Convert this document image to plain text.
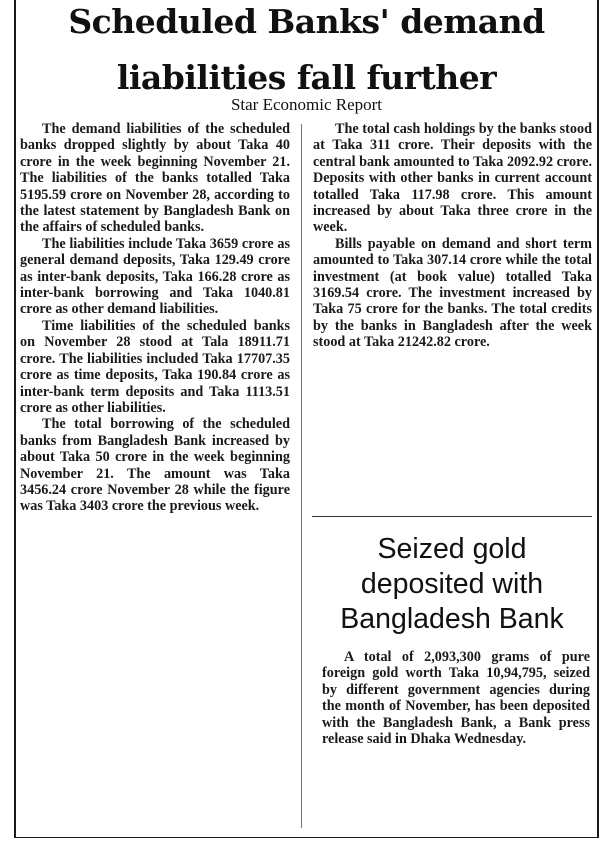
Scheduled Banks' demand
liabilities fall further
Star Economic Report

The demand liabilities of the scheduled banks dropped slightly by about Taka 40 crore in the week beginning November 21. The liabilities of the banks totalled Taka 5195.59 crore on November 28, according to the latest statement by Bangladesh Bank on the affairs of scheduled banks.

The liabilities include Taka 3659 crore as general demand deposits, Taka 129.49 crore as inter-bank deposits, Taka 166.28 crore as inter-bank borrowing and Taka 1040.81 crore as other demand liabilities.

Time liabilities of the scheduled banks on November 28 stood at Tala 18911.71 crore. The liabilities included Taka 17707.35 crore as time deposits, Taka 190.84 crore as inter-bank term deposits and Taka 1113.51 crore as other liabilities.

The total borrowing of the scheduled banks from Bangladesh Bank increased by about Taka 50 crore in the week beginning November 21. The amount was Taka 3456.24 crore November 28 while the figure was Taka 3403 crore the previous week.

The total cash holdings by the banks stood at Taka 311 crore. Their deposits with the central bank amounted to Taka 2092.92 crore. Deposits with other banks in current account totalled Taka 117.98 crore. This amount increased by about Taka three crore in the week.

Bills payable on demand and short term amounted to Taka 307.14 crore while the total investment (at book value) totalled Taka 3169.54 crore. The investment increased by Taka 75 crore for the banks. The total credits by the banks in Bangladesh after the week stood at Taka 21242.82 crore.

Seized gold
deposited with
Bangladesh Bank

A total of 2,093,300 grams of pure foreign gold worth Taka 10,94,795, seized by different government agencies during the month of November, has been deposited with the Bangladesh Bank, a Bank press release said in Dhaka Wednesday.
